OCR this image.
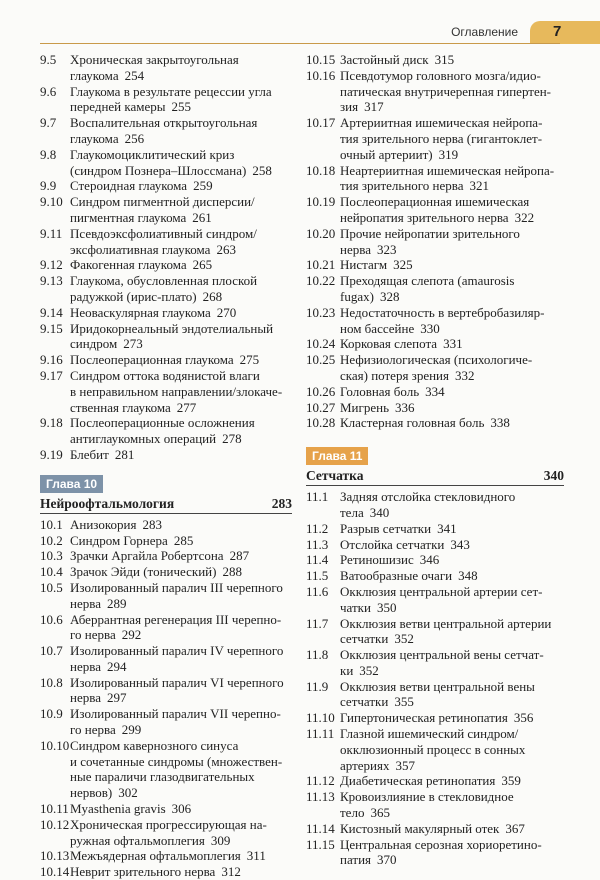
Оглавление 7
9.5	Хроническая закрытоугольная глаукома 254
9.6	Глаукома в результате рецессии угла
передней камеры 255
9.7	Воспалительная открытоугольная
глаукома 256
9.8	Глаукомоциклитический криз
(синдром Познера–Шлоссмана) 258
9.9	Стероидная глаукома 259
9.10 Синдром пигментной дисперсии/
пигментная глаукома 261
9.11 Псевдоэксфолиативный синдром/
эксфолиативная глаукома 263
9.12 Факогенная глаукома 265
9.13 Глаукома, обусловленная плоской
радужкой (ирис-плато) 268
9.14 Неоваскулярная глаукома 270
9.15 Иридокорнеальный эндотелиальный
синдром 273
9.16 Послеоперационная глаукома 275
9.17 Синдром оттока водянистой влаги
в неправильном направлении/злокаче-
ственная глаукома 277
9.18 Послеоперационные осложнения
антиглаукомных операций 278
9.19 Блебит 281
Глава 10
Нейроофтальмология	283
10.1 Анизокория 283
10.2 Синдром Горнера 285
10.3 Зрачки Аргайла Робертсона 287
10.4 Зрачок Эйди (тонический) 288
10.5 Изолированный паралич III черепного
нерва 289
10.6 Аберрантная регенерация III черепно-
го нерва 292
10.7 Изолированный паралич IV черепного
нерва 294
10.8 Изолированный паралич VI черепного
нерва 297
10.9 Изолированный паралич VII черепно-
го нерва 299
10.10 Синдром кавернозного синуса
и сочетанные синдромы (множествен-
ные параличи глазодвигательных
нервов) 302
10.11 Myasthenia gravis 306
10.12 Хроническая прогрессирующая на-
ружная офтальмоплегия 309
10.13 Межъядерная офтальмоплегия 311
10.14 Неврит зрительного нерва 312
10.15 Застойный диск 315
10.16 Псевдотумор головного мозга/идио-
патическая внутричерепная гипертен-
зия 317
10.17 Артериитная ишемическая нейропа-
тия зрительного нерва (гигантоклет-
очный артериит) 319
10.18 Неартериитная ишемическая нейропа-
тия зрительного нерва 321
10.19 Послеоперационная ишемическая
нейропатия зрительного нерва 322
10.20 Прочие нейропатии зрительного
нерва 323
10.21 Нистагм 325
10.22 Преходящая слепота (amaurosis
fugax) 328
10.23 Недостаточность в вертебробазиляр-
ном бассейне 330
10.24 Корковая слепота 331
10.25 Нефизиологическая (психологиче-
ская) потеря зрения 332
10.26 Головная боль 334
10.27 Мигрень 336
10.28 Кластерная головная боль 338
Глава 11
Сетчатка	340
11.1 Задняя отслойка стекловидного
тела 340
11.2 Разрыв сетчатки 341
11.3 Отслойка сетчатки 343
11.4 Ретиношизис 346
11.5 Ватообразные очаги 348
11.6 Окклюзия центральной артерии сет-
чатки 350
11.7 Окклюзия ветви центральной артерии
сетчатки 352
11.8 Окклюзия центральной вены сетчат-
ки 352
11.9 Окклюзия ветви центральной вены
сетчатки 355
11.10 Гипертоническая ретинопатия 356
11.11 Глазной ишемический синдром/
окклюзионный процесс в сонных
артериях 357
11.12 Диабетическая ретинопатия 359
11.13 Кровоизлияние в стекловидное
тело 365
11.14 Кистозный макулярный отек 367
11.15 Центральная серозная хориоретино-
патия 370
